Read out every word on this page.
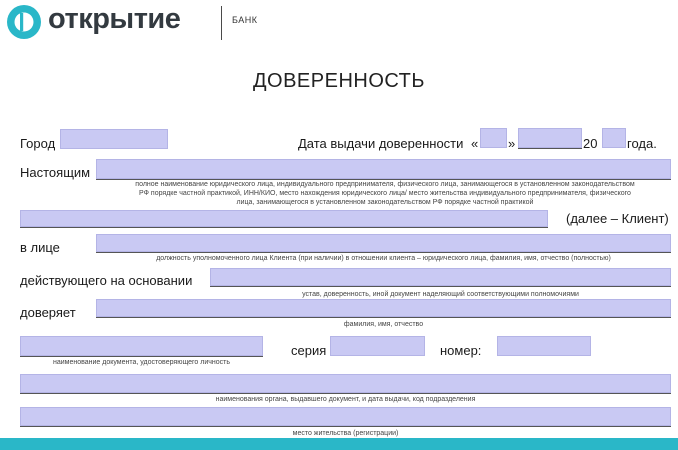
открытие	БАНК
ДОВЕРЕННОСТЬ
Город	Дата выдачи доверенности « »	20 года.
Настоящим
полное наименование юридического лица, индивидуального предпринимателя, физического лица, занимающегося в установленном законодательством РФ порядке частной практикой, ИНН/КИО, место нахождения юридического лица/ место жительства индивидуального предпринимателя, физического лица, занимающегося в установленном законодательством РФ порядке частной практикой
(далее – Клиент)
в лице
должность уполномоченного лица Клиента (при наличии) в отношении клиента – юридического лица, фамилия, имя, отчество (полностью)
действующего на основании
устав, доверенность, иной документ наделяющий соответствующими полномочиями
доверяет
фамилия, имя, отчество
наименование документа, удостоверяющего личность
серия	номер:
наименования органа, выдавшего документ, и дата выдачи, код подразделения
место жительства (регистрации)
